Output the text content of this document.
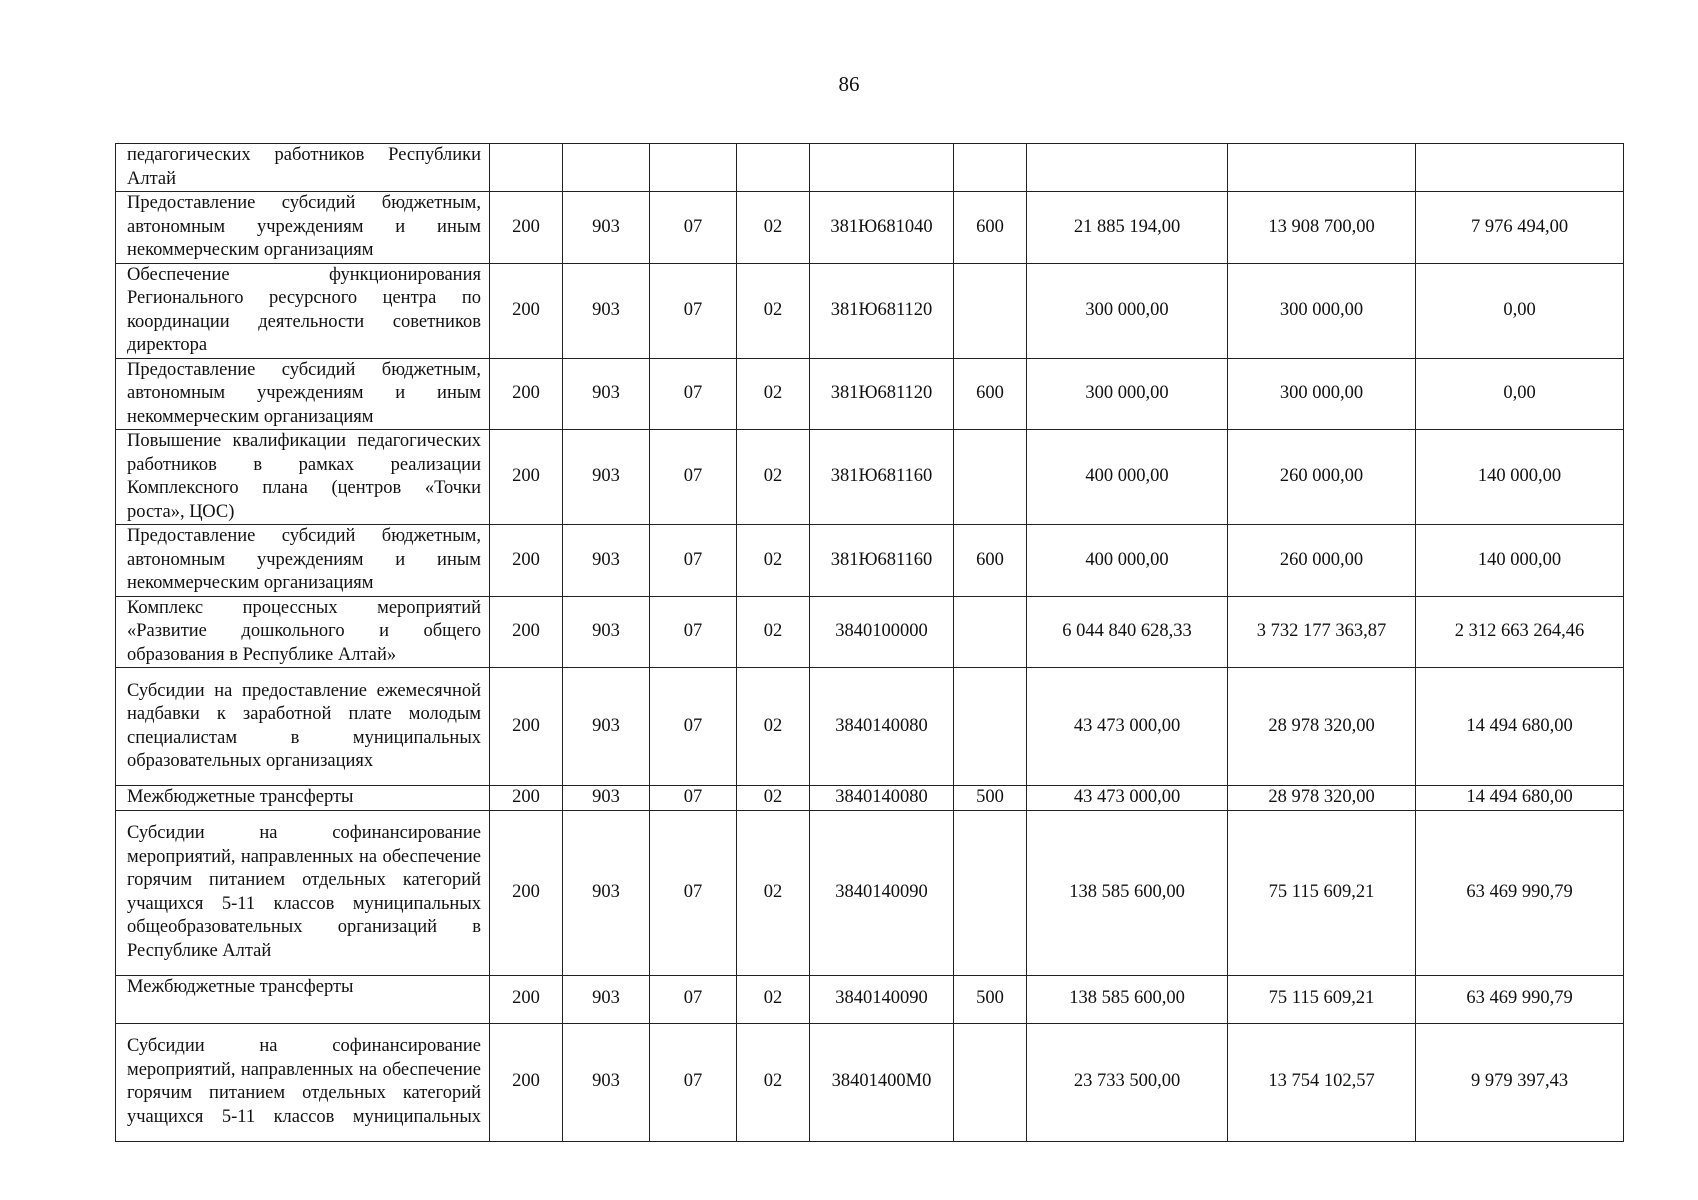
86
педагогических работников Республики Алтай									
Предоставление субсидий бюджетным, автономным учреждениям и иным некоммерческим организациям	200	903	07	02	381Ю681040	600	21 885 194,00	13 908 700,00	7 976 494,00
Обеспечение функционирования Регионального ресурсного центра по координации деятельности советников директора	200	903	07	02	381Ю681120		300 000,00	300 000,00	0,00
Предоставление субсидий бюджетным, автономным учреждениям и иным некоммерческим организациям	200	903	07	02	381Ю681120	600	300 000,00	300 000,00	0,00
Повышение квалификации педагогических работников в рамках реализации Комплексного плана (центров «Точки роста», ЦОС)	200	903	07	02	381Ю681160		400 000,00	260 000,00	140 000,00
Предоставление субсидий бюджетным, автономным учреждениям и иным некоммерческим организациям	200	903	07	02	381Ю681160	600	400 000,00	260 000,00	140 000,00
Комплекс процессных мероприятий «Развитие дошкольного и общего образования в Республике Алтай»	200	903	07	02	3840100000		6 044 840 628,33	3 732 177 363,87	2 312 663 264,46
Субсидии на предоставление ежемесячной надбавки к заработной плате молодым специалистам в муниципальных образовательных организациях	200	903	07	02	3840140080		43 473 000,00	28 978 320,00	14 494 680,00
Межбюджетные трансферты	200	903	07	02	3840140080	500	43 473 000,00	28 978 320,00	14 494 680,00
Субсидии на софинансирование мероприятий, направленных на обеспечение горячим питанием отдельных категорий учащихся 5-11 классов муниципальных общеобразовательных организаций в Республике Алтай	200	903	07	02	3840140090		138 585 600,00	75 115 609,21	63 469 990,79
Межбюджетные трансферты	200	903	07	02	3840140090	500	138 585 600,00	75 115 609,21	63 469 990,79
Субсидии на софинансирование мероприятий, направленных на обеспечение горячим питанием отдельных категорий учащихся 5-11 классов муниципальных	200	903	07	02	38401400М0		23 733 500,00	13 754 102,57	9 979 397,43
